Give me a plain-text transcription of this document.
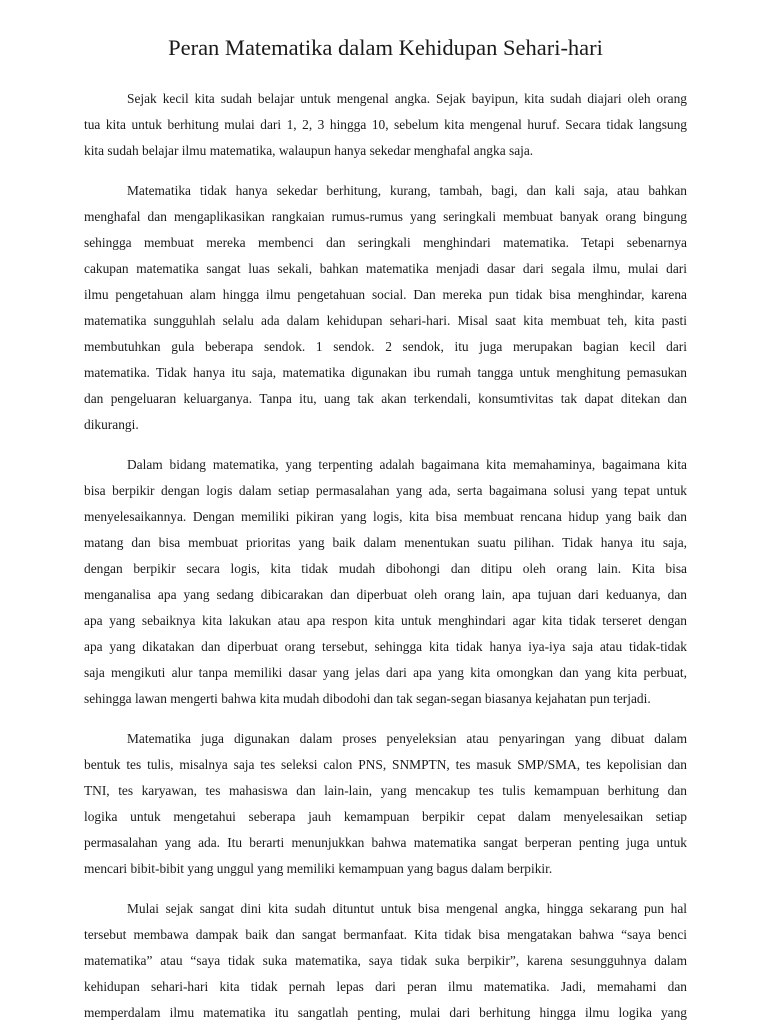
Peran Matematika dalam Kehidupan Sehari-hari
Sejak kecil kita sudah belajar untuk mengenal angka. Sejak bayipun, kita sudah diajari oleh orang
tua kita untuk berhitung mulai dari 1, 2, 3 hingga 10, sebelum kita mengenal huruf. Secara tidak langsung
kita sudah belajar ilmu matematika, walaupun hanya sekedar menghafal angka saja.
Matematika tidak hanya sekedar berhitung, kurang, tambah, bagi, dan kali saja, atau bahkan
menghafal dan mengaplikasikan rangkaian rumus-rumus yang seringkali membuat banyak orang bingung
sehingga membuat mereka membenci dan seringkali menghindari matematika. Tetapi sebenarnya
cakupan matematika sangat luas sekali, bahkan matematika menjadi dasar dari segala ilmu, mulai dari
ilmu pengetahuan alam hingga ilmu pengetahuan social. Dan mereka pun tidak bisa menghindar, karena
matematika sungguhlah selalu ada dalam kehidupan sehari-hari. Misal saat kita membuat teh, kita pasti
membutuhkan gula beberapa sendok. 1 sendok. 2 sendok, itu juga merupakan bagian kecil dari
matematika. Tidak hanya itu saja, matematika digunakan ibu rumah tangga untuk menghitung pemasukan
dan pengeluaran keluarganya. Tanpa itu, uang tak akan terkendali, konsumtivitas tak dapat ditekan dan
dikurangi.
Dalam bidang matematika, yang terpenting adalah bagaimana kita memahaminya, bagaimana kita
bisa berpikir dengan logis dalam setiap permasalahan yang ada, serta bagaimana solusi yang tepat untuk
menyelesaikannya. Dengan memiliki pikiran yang logis, kita bisa membuat rencana hidup yang baik dan
matang dan bisa membuat prioritas yang baik dalam menentukan suatu pilihan. Tidak hanya itu saja,
dengan berpikir secara logis, kita tidak mudah dibohongi dan ditipu oleh orang lain. Kita bisa
menganalisa apa yang sedang dibicarakan dan diperbuat oleh orang lain, apa tujuan dari keduanya, dan
apa yang sebaiknya kita lakukan atau apa respon kita untuk menghindari agar kita tidak terseret dengan
apa yang dikatakan dan diperbuat orang tersebut, sehingga kita tidak hanya iya-iya saja atau tidak-tidak
saja mengikuti alur tanpa memiliki dasar yang jelas dari apa yang kita omongkan dan yang kita perbuat,
sehingga lawan mengerti bahwa kita mudah dibodohi dan tak segan-segan biasanya kejahatan pun terjadi.
Matematika juga digunakan dalam proses penyeleksian atau penyaringan yang dibuat dalam
bentuk tes tulis, misalnya saja tes seleksi calon PNS, SNMPTN, tes masuk SMP/SMA, tes kepolisian dan
TNI, tes karyawan, tes mahasiswa dan lain-lain, yang mencakup tes tulis kemampuan berhitung dan
logika untuk mengetahui seberapa jauh kemampuan berpikir cepat dalam menyelesaikan setiap
permasalahan yang ada. Itu berarti menunjukkan bahwa matematika sangat berperan penting juga untuk
mencari bibit-bibit yang unggul yang memiliki kemampuan yang bagus dalam berpikir.
Mulai sejak sangat dini kita sudah dituntut untuk bisa mengenal angka, hingga sekarang pun hal
tersebut membawa dampak baik dan sangat bermanfaat. Kita tidak bisa mengatakan bahwa “saya benci
matematika” atau “saya tidak suka matematika, saya tidak suka berpikir”, karena sesungguhnya dalam
kehidupan sehari-hari kita tidak pernah lepas dari peran ilmu matematika. Jadi, memahami dan
memperdalam ilmu matematika itu sangatlah penting, mulai dari berhitung hingga ilmu logika yang
